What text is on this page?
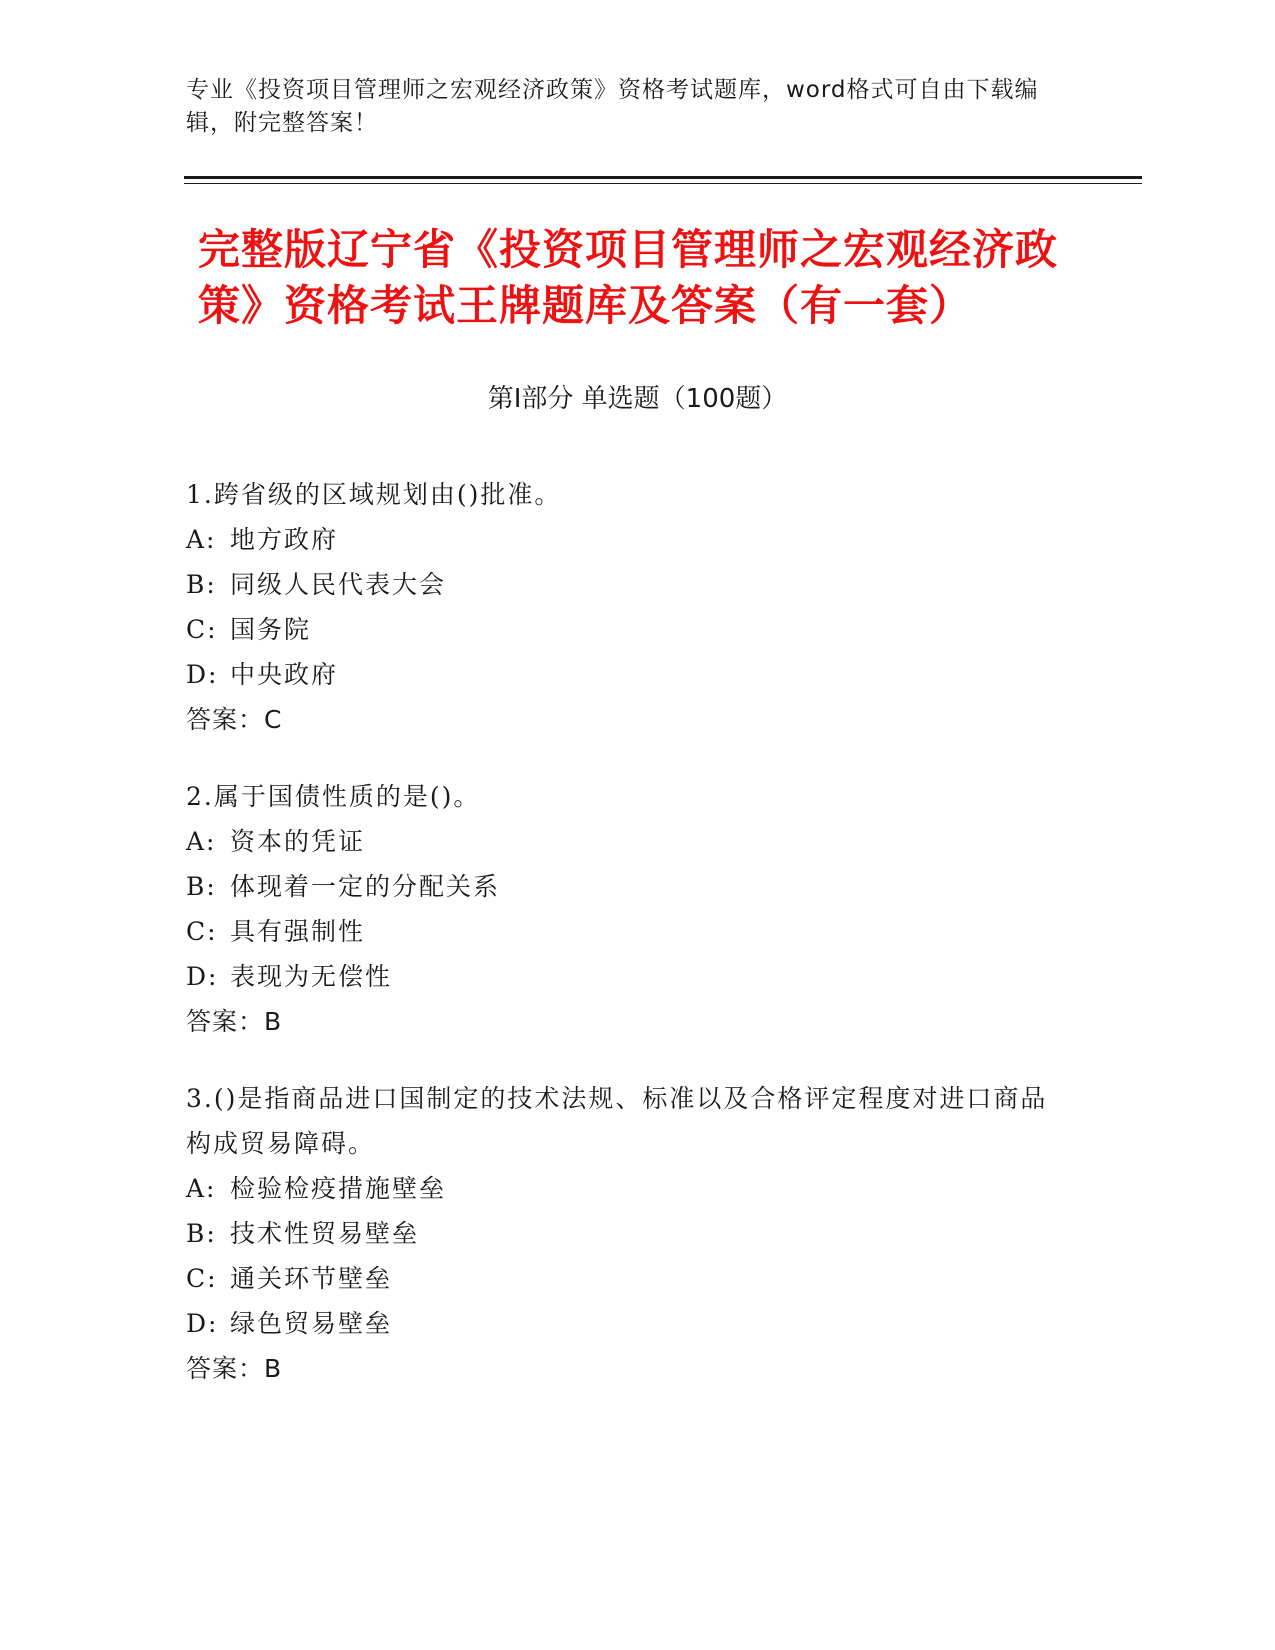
专业《投资项目管理师之宏观经济政策》资格考试题库，word格式可自由下载编辑，附完整答案！
完整版辽宁省《投资项目管理师之宏观经济政策》资格考试王牌题库及答案（有一套）
第Ⅰ部分 单选题（100题）
1.跨省级的区域规划由()批准。
A: 地方政府
B: 同级人民代表大会
C: 国务院
D: 中央政府
答案：C
2.属于国债性质的是()。
A: 资本的凭证
B: 体现着一定的分配关系
C: 具有强制性
D: 表现为无偿性
答案：B
3.()是指商品进口国制定的技术法规、标准以及合格评定程度对进口商品构成贸易障碍。
A: 检验检疫措施壁垒
B: 技术性贸易壁垒
C: 通关环节壁垒
D: 绿色贸易壁垒
答案：B
